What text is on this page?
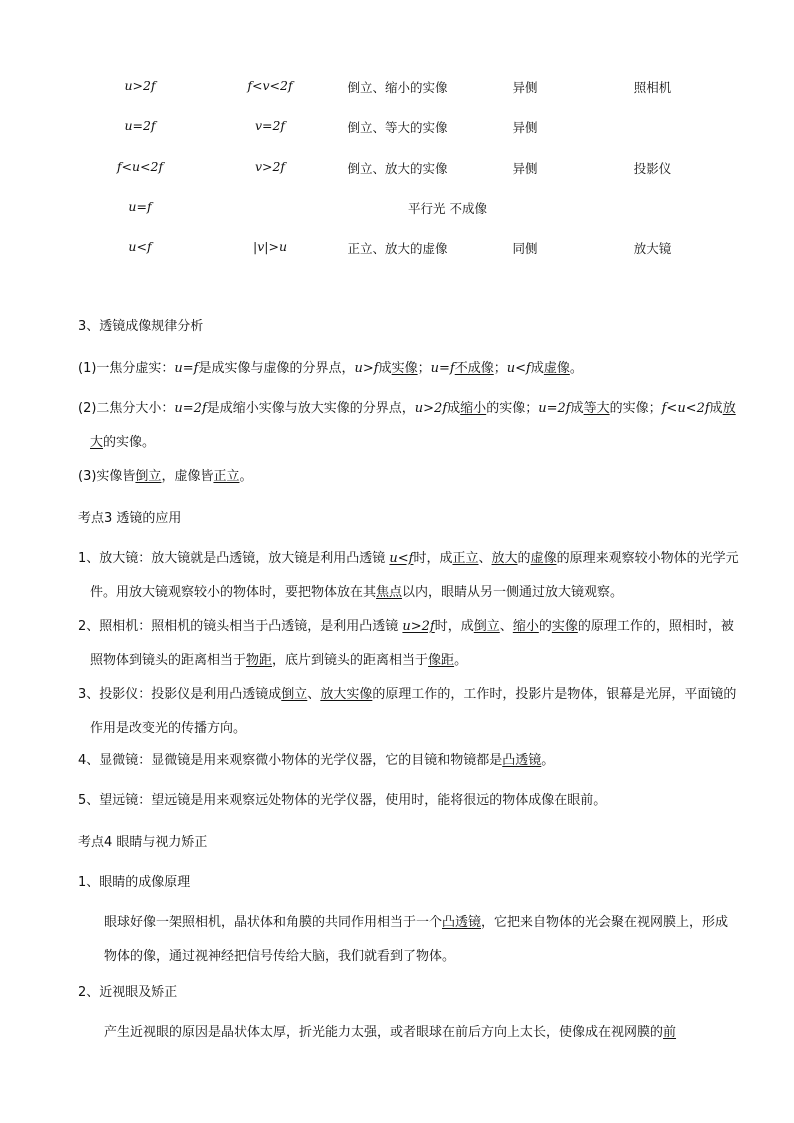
u>2f	f<v<2f	倒立、缩小的实像	异侧	照相机
u=2f	v=2f	倒立、等大的实像	异侧
f<u<2f	v>2f	倒立、放大的实像	异侧	投影仪
u=f	平行光 不成像
u<f	|v|>u	正立、放大的虚像	同侧	放大镜
3、透镜成像规律分析
(1)一焦分虚实：u=f是成实像与虚像的分界点，u>f成实像；u=f不成像；u<f成虚像。
(2)二焦分大小：u=2f是成缩小实像与放大实像的分界点，u>2f成缩小的实像；u=2f成等大的实像；f<u<2f成放大的实像。
(3)实像皆倒立，虚像皆正立。
考点3 透镜的应用
1、放大镜：放大镜就是凸透镜，放大镜是利用凸透镜 u<f时，成正立、放大的虚像的原理来观察较小物体的光学元件。用放大镜观察较小的物体时，要把物体放在其焦点以内，眼睛从另一侧通过放大镜观察。
2、照相机：照相机的镜头相当于凸透镜，是利用凸透镜 u>2f时，成倒立、缩小的实像的原理工作的，照相时，被照物体到镜头的距离相当于物距，底片到镜头的距离相当于像距。
3、投影仪：投影仪是利用凸透镜成倒立、放大实像的原理工作的，工作时，投影片是物体，银幕是光屏，平面镜的作用是改变光的传播方向。
4、显微镜：显微镜是用来观察微小物体的光学仪器，它的目镜和物镜都是凸透镜。
5、望远镜：望远镜是用来观察远处物体的光学仪器，使用时，能将很远的物体成像在眼前。
考点4 眼睛与视力矫正
1、眼睛的成像原理
眼球好像一架照相机，晶状体和角膜的共同作用相当于一个凸透镜，它把来自物体的光会聚在视网膜上，形成物体的像，通过视神经把信号传给大脑，我们就看到了物体。
2、近视眼及矫正
产生近视眼的原因是晶状体太厚，折光能力太强，或者眼球在前后方向上太长，使像成在视网膜的前
